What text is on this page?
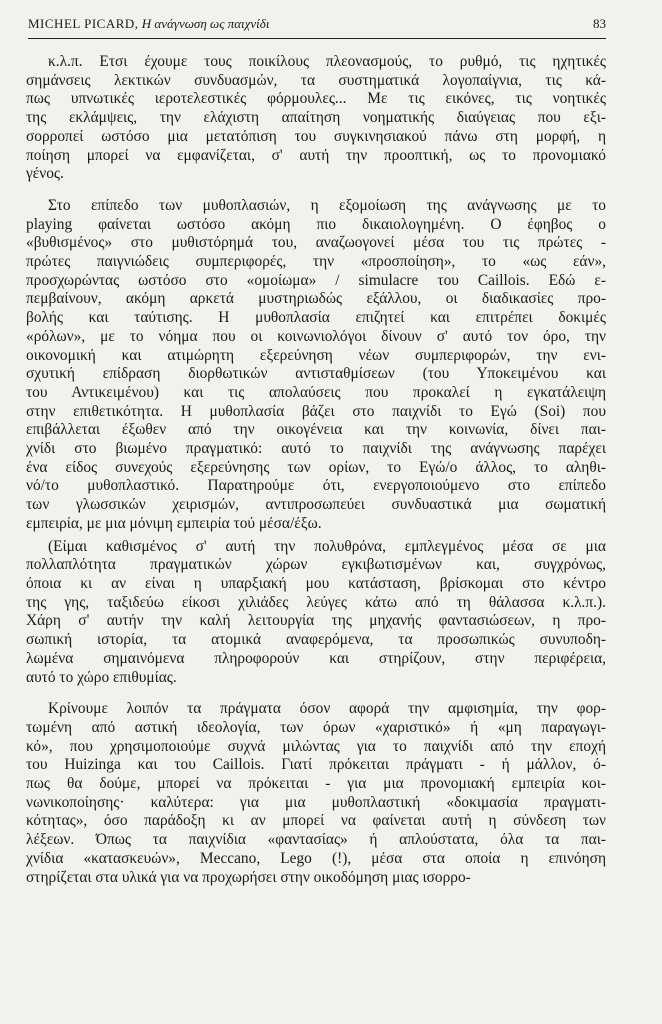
MICHEL PICARD, Η ανάγνωση ως παιχνίδι	83
κ.λ.π. Ετσι έχουμε τους ποικίλους πλεονασμούς, το ρυθμό, τις ηχητικές
σημάνσεις λεκτικών συνδυασμών, τα συστηματικά λογοπαίγνια, τις κά-
πως υπνωτικές ιεροτελεστικές φόρμουλες... Με τις εικόνες, τις νοητικές
της εκλάμψεις, την ελάχιστη απαίτηση νοηματικής διαύγειας που εξι-
σορροπεί ωστόσο μια μετατόπιση του συγκινησιακού πάνω στη μορφή, η
ποίηση μπορεί να εμφανίζεται, σ' αυτή την προοπτική, ως το προνομιακό
γένος.
Στο επίπεδο των μυθοπλασιών, η εξομοίωση της ανάγνωσης με το
playing φαίνεται ωστόσο ακόμη πιο δικαιολογημένη. Ο έφηβος ο
«βυθισμένος» στο μυθιστόρημά του, αναζωογονεί μέσα του τις πρώτες -
πρώτες παιγνιώδεις συμπεριφορές, την «προσποίηση», το «ως εάν»,
προσχωρώντας ωστόσο στο «ομοίωμα» / simulacre του Caillois. Εδώ ε-
πεμβαίνουν, ακόμη αρκετά μυστηριωδώς εξάλλου, οι διαδικασίες προ-
βολής και ταύτισης. Η μυθοπλασία επιζητεί και επιτρέπει δοκιμές
«ρόλων», με το νόημα που οι κοινωνιολόγοι δίνουν σ' αυτό τον όρο, την
οικονομική και ατιμώρητη εξερεύνηση νέων συμπεριφορών, την ενι-
σχυτική επίδραση διορθωτικών αντισταθμίσεων (του Υποκειμένου και
του Αντικειμένου) και τις απολαύσεις που προκαλεί η εγκατάλειψη
στην επιθετικότητα. Η μυθοπλασία βάζει στο παιχνίδι το Εγώ (Soi) που
επιβάλλεται έξωθεν από την οικογένεια και την κοινωνία, δίνει παι-
χνίδι στο βιωμένο πραγματικό: αυτό το παιχνίδι της ανάγνωσης παρέχει
ένα είδος συνεχούς εξερεύνησης των ορίων, το Εγώ/ο άλλος, το αληθι-
νό/το μυθοπλαστικό. Παρατηρούμε ότι, ενεργοποιούμενο στο επίπεδο
των γλωσσικών χειρισμών, αντιπροσωπεύει συνδυαστικά μια σωματική
εμπειρία, με μια μόνιμη εμπειρία τού μέσα/έξω.
(Είμαι καθισμένος σ' αυτή την πολυθρόνα, εμπλεγμένος μέσα σε μια
πολλαπλότητα πραγματικών χώρων εγκιβωτισμένων και, συγχρόνως,
όποια κι αν είναι η υπαρξιακή μου κατάσταση, βρίσκομαι στο κέντρο
της γης, ταξιδεύω είκοσι χιλιάδες λεύγες κάτω από τη θάλασσα κ.λ.π.).
Χάρη σ' αυτήν την καλή λειτουργία της μηχανής φαντασιώσεων, η προ-
σωπική ιστορία, τα ατομικά αναφερόμενα, τα προσωπικώς συνυποδη-
λωμένα σημαινόμενα πληροφορούν και στηρίζουν, στην περιφέρεια,
αυτό το χώρο επιθυμίας.
Κρίνουμε λοιπόν τα πράγματα όσον αφορά την αμφισημία, την φορ-
τωμένη από αστική ιδεολογία, των όρων «χαριστικό» ή «μη παραγωγι-
κό», που χρησιμοποιούμε συχνά μιλώντας για το παιχνίδι από την εποχή
του Huizinga και του Caillois. Γιατί πρόκειται πράγματι - ή μάλλον, ό-
πως θα δούμε, μπορεί να πρόκειται - για μια προνομιακή εμπειρία κοι-
νωνικοποίησης· καλύτερα: για μια μυθοπλαστική «δοκιμασία πραγματι-
κότητας», όσο παράδοξη κι αν μπορεί να φαίνεται αυτή η σύνδεση των
λέξεων. Όπως τα παιχνίδια «φαντασίας» ή απλούστατα, όλα τα παι-
χνίδια «κατασκευών», Meccano, Lego (!), μέσα στα οποία η επινόηση
στηρίζεται στα υλικά για να προχωρήσει στην οικοδόμηση μιας ισορρο-
